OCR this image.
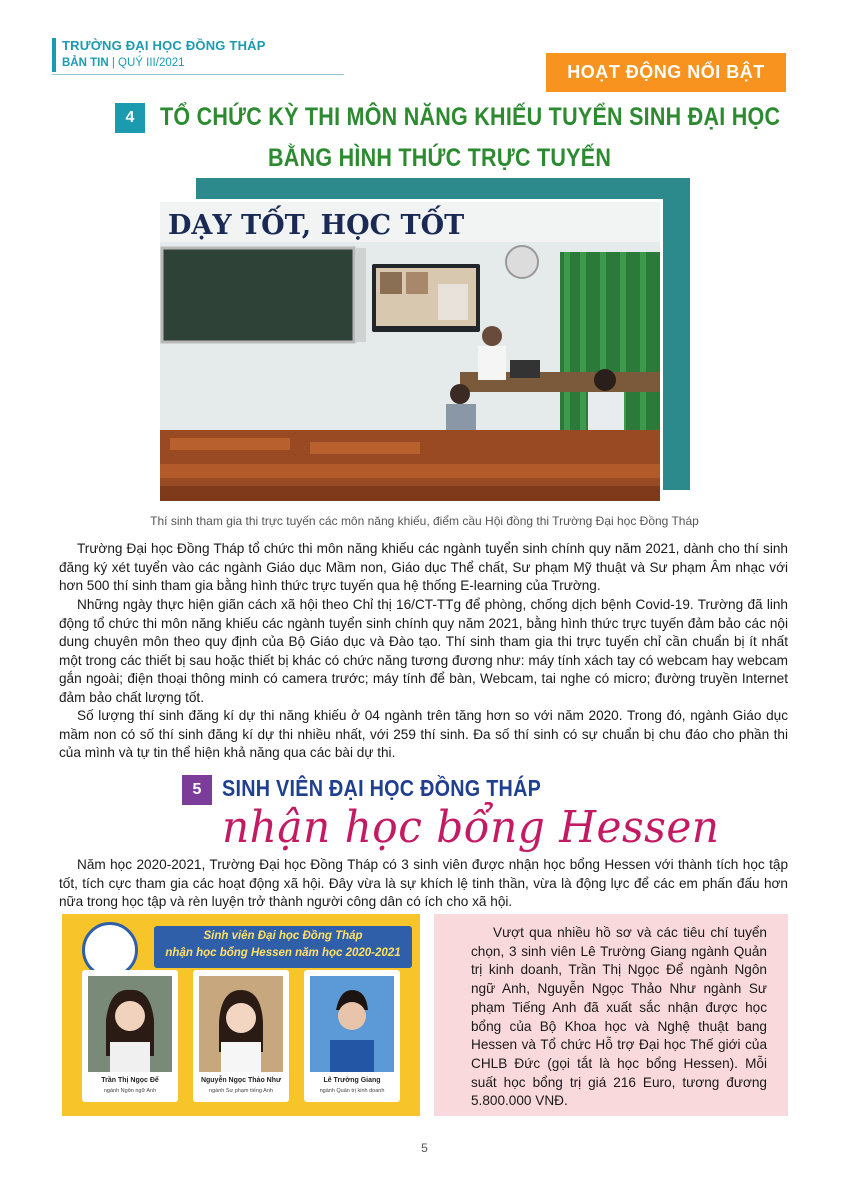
TRƯỜNG ĐẠI HỌC ĐỒNG THÁP
BẢN TIN | QUÝ III/2021	HOẠT ĐỘNG NỔI BẬT
4	TỔ CHỨC KỲ THI MÔN NĂNG KHIẾU TUYỂN SINH ĐẠI HỌC
BẰNG HÌNH THỨC TRỰC TUYẾN
DẠY TỐT, HỌC TỐT
Thí sinh tham gia thi trực tuyến các môn năng khiếu, điểm cầu Hội đồng thi Trường Đại học Đồng Tháp

Trường Đại học Đồng Tháp tổ chức thi môn năng khiếu các ngành tuyển sinh chính quy năm 2021, dành cho thí sinh đăng ký xét tuyển vào các ngành Giáo dục Mầm non, Giáo dục Thể chất, Sư phạm Mỹ thuật và Sư phạm Âm nhạc với hơn 500 thí sinh tham gia bằng hình thức trực tuyến qua hệ thống E-learning của Trường.

Những ngày thực hiện giãn cách xã hội theo Chỉ thị 16/CT-TTg để phòng, chống dịch bệnh Covid-19. Trường đã linh động tổ chức thi môn năng khiếu các ngành tuyển sinh chính quy năm 2021, bằng hình thức trực tuyến đảm bảo các nội dung chuyên môn theo quy định của Bộ Giáo dục và Đào tạo. Thí sinh tham gia thi trực tuyến chỉ cần chuẩn bị ít nhất một trong các thiết bị sau hoặc thiết bị khác có chức năng tương đương như: máy tính xách tay có webcam hay webcam gắn ngoài; điện thoại thông minh có camera trước; máy tính để bàn, Webcam, tai nghe có micro; đường truyền Internet đảm bảo chất lượng tốt.

Số lượng thí sinh đăng kí dự thi năng khiếu ở 04 ngành trên tăng hơn so với năm 2020. Trong đó, ngành Giáo dục mầm non có số thí sinh đăng kí dự thi nhiều nhất, với 259 thí sinh. Đa số thí sinh có sự chuẩn bị chu đáo cho phần thi của mình và tự tin thể hiện khả năng qua các bài dự thi.

5 SINH VIÊN ĐẠI HỌC ĐỒNG THÁP
nhận học bổng Hessen

Năm học 2020-2021, Trường Đại học Đồng Tháp có 3 sinh viên được nhận học bổng Hessen với thành tích học tập tốt, tích cực tham gia các hoạt động xã hội. Đây vừa là sự khích lệ tinh thần, vừa là động lực để các em phấn đấu hơn nữa trong học tập và rèn luyện trở thành người công dân có ích cho xã hội.

Sinh viên Đại học Đồng Tháp
nhận học bổng Hessen năm học 2020-2021
Trần Thị Ngọc Để
ngành Ngôn ngữ Anh
Nguyễn Ngọc Thảo Như
ngành Sư phạm tiếng Anh
Lê Trường Giang
ngành Quản trị kinh doanh

Vượt qua nhiều hồ sơ và các tiêu chí tuyển chọn, 3 sinh viên Lê Trường Giang ngành Quản trị kinh doanh, Trần Thị Ngọc Để ngành Ngôn ngữ Anh, Nguyễn Ngọc Thảo Như ngành Sư phạm Tiếng Anh đã xuất sắc nhận được học bổng của Bộ Khoa học và Nghệ thuật bang Hessen và Tổ chức Hỗ trợ Đại học Thế giới của CHLB Đức (gọi tắt là học bổng Hessen). Mỗi suất học bổng trị giá 216 Euro, tương đương 5.800.000 VNĐ.

5
